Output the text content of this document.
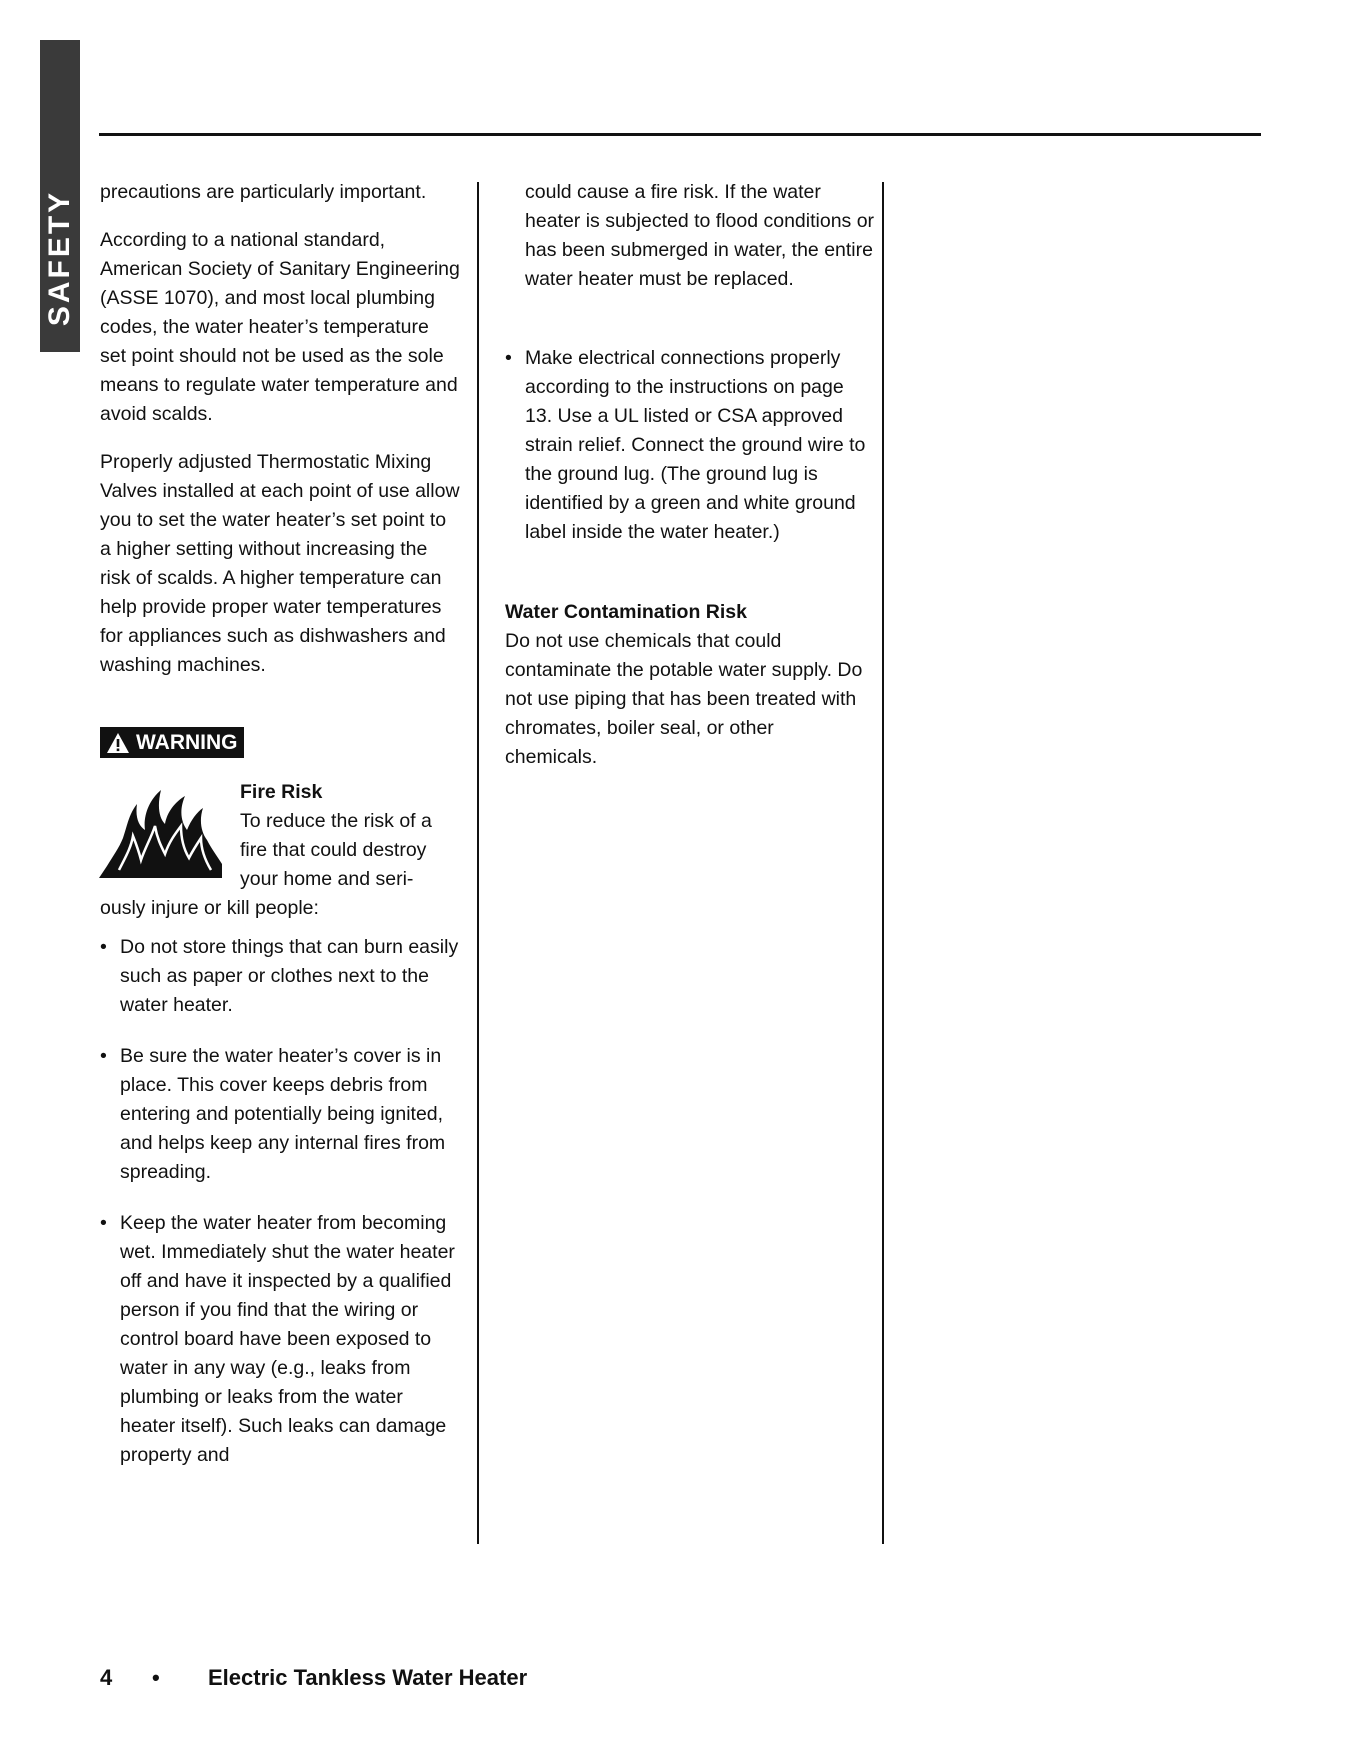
SAFETY precautions are particularly important.

According to a national standard, American Society of Sanitary Engineering (ASSE 1070), and most local plumbing codes, the water heater’s temperature set point should not be used as the sole means to regulate water temperature and avoid scalds.

Properly adjusted Thermostatic Mixing Valves installed at each point of use allow you to set the water heater’s set point to a higher setting without increasing the risk of scalds. A higher temperature can help provide proper water temperatures for appliances such as dishwashers and washing machines.

WARNING
Fire Risk

To reduce the risk of a fire that could destroy your home and seri-

ously injure or kill people:

• Do not store things that can burn easily such as paper or clothes next to the water heater.
• Be sure the water heater’s cover is in place. This cover keeps debris from entering and potentially being ignited, and helps keep any internal fires from spreading.
• Keep the water heater from becoming wet. Immediately shut the water heater off and have it inspected by a qualified person if you find that the wiring or control board have been exposed to water in any way (e.g., leaks from plumbing or leaks from the water heater itself). Such leaks can damage property and

could cause a fire risk. If the water heater is subjected to flood conditions or has been submerged in water, the entire water heater must be replaced.

• Make electrical connections properly according to the instructions on page 13. Use a UL listed or CSA approved strain relief. Connect the ground wire to the ground lug. (The ground lug is identified by a green and white ground label inside the water heater.)
Water Contamination Risk

Do not use chemicals that could contaminate the potable water supply. Do not use piping that has been treated with chromates, boiler seal, or other chemicals.

4	•	Electric Tankless Water Heater
